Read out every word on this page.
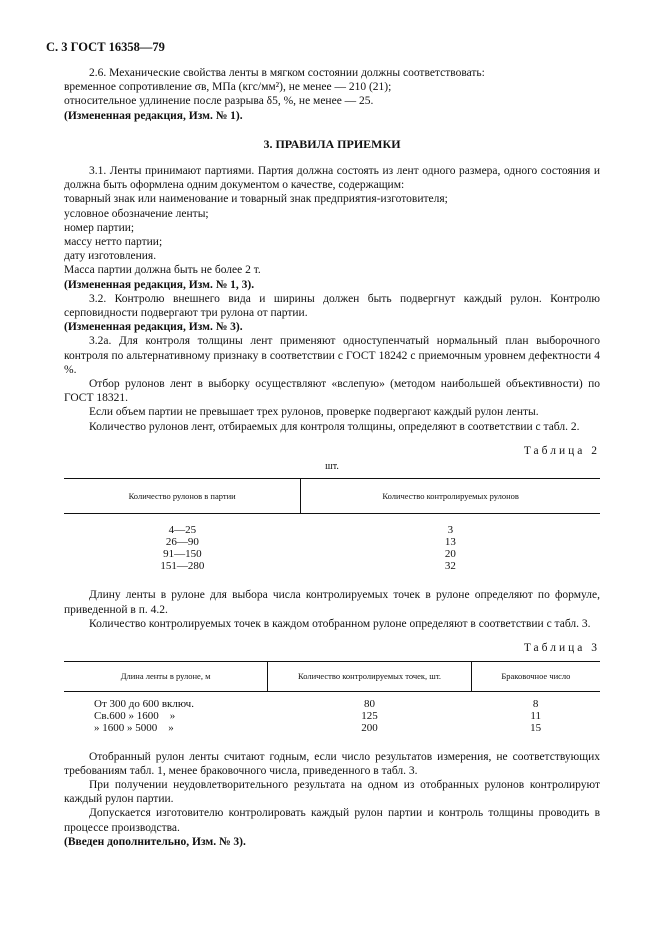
С. 3 ГОСТ 16358—79

2.6. Механические свойства ленты в мягком состоянии должны соответствовать:

временное сопротивление σв, МПа (кгс/мм²), не менее — 210 (21);

относительное удлинение после разрыва δ5, %, не менее — 25.

(Измененная редакция, Изм. № 1).

3. ПРАВИЛА ПРИЕМКИ

3.1. Ленты принимают партиями. Партия должна состоять из лент одного размера, одного состояния и должна быть оформлена одним документом о качестве, содержащим:

товарный знак или наименование и товарный знак предприятия-изготовителя;

условное обозначение ленты;

номер партии;

массу нетто партии;

дату изготовления.

Масса партии должна быть не более 2 т.

(Измененная редакция, Изм. № 1, 3).

3.2. Контролю внешнего вида и ширины должен быть подвергнут каждый рулон. Контролю серповидности подвергают три рулона от партии.

(Измененная редакция, Изм. № 3).

3.2а. Для контроля толщины лент применяют одноступенчатый нормальный план выборочного контроля по альтернативному признаку в соответствии с ГОСТ 18242 с приемочным уровнем дефектности 4 %.

Отбор рулонов лент в выборку осуществляют «вслепую» (методом наибольшей объективности) по ГОСТ 18321.

Если объем партии не превышает трех рулонов, проверке подвергают каждый рулон ленты.

Количество рулонов лент, отбираемых для контроля толщины, определяют в соответствии с табл. 2.

Таблица 2
шт.
Количество рулонов в партии	Количество контролируемых рулонов
4—25	3
26—90	13
91—150	20
151—280	32

Длину ленты в рулоне для выбора числа контролируемых точек в рулоне определяют по формуле, приведенной в п. 4.2.

Количество контролируемых точек в каждом отобранном рулоне определяют в соответствии с табл. 3.

Таблица 3
Длина ленты в рулоне, м	Количество контролируемых точек, шт.	Браковочное число
От 300 до 600 включ.	80	8
Св.600 » 1600    »	125	11
» 1600 » 5000    »	200	15

Отобранный рулон ленты считают годным, если число результатов измерения, не соответствующих требованиям табл. 1, менее браковочного числа, приведенного в табл. 3.

При получении неудовлетворительного результата на одном из отобранных рулонов контролируют каждый рулон партии.

Допускается изготовителю контролировать каждый рулон партии и контроль толщины проводить в процессе производства.

(Введен дополнительно, Изм. № 3).
